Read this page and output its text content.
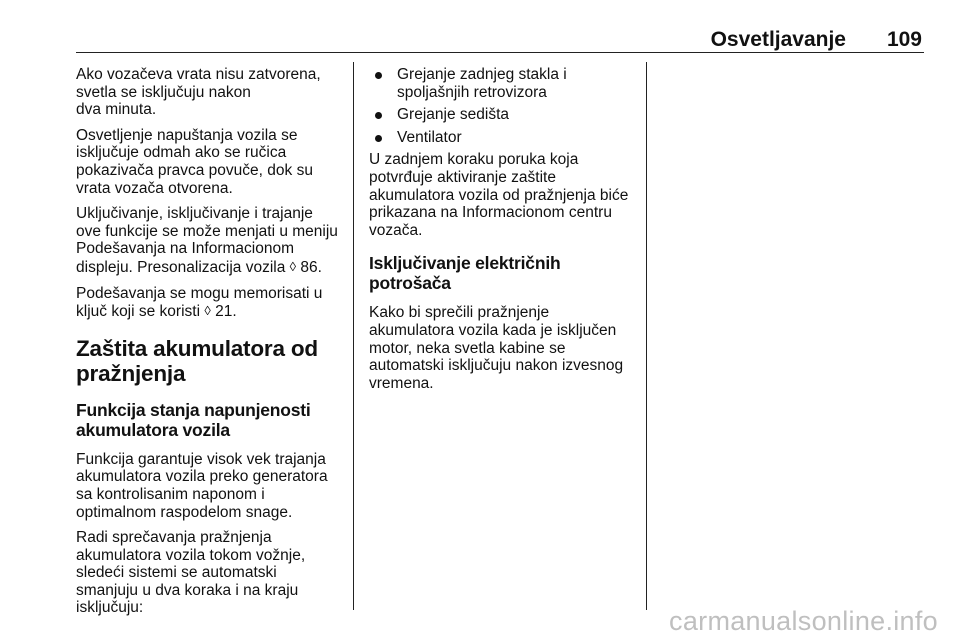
Osvetljavanje 109

Ako vozačeva vrata nisu zatvorena,
svetla se isključuju nakon
dva minuta.

Osvetljenje napuštanja vozila se
isključuje odmah ako se ručica
pokazivača pravca povuče, dok su
vrata vozača otvorena.

Uključivanje, isključivanje i trajanje
ove funkcije se može menjati u meniju
Podešavanja na Informacionom
displeju. Presonalizacija vozila ◊ 86.

Podešavanja se mogu memorisati u
ključ koji se koristi ◊ 21.

Zaštita akumulatora od
pražnjenja
Funkcija stanja napunjenosti
akumulatora vozila

Funkcija garantuje visok vek trajanja
akumulatora vozila preko generatora
sa kontrolisanim naponom i
optimalnom raspodelom snage.

Radi sprečavanja pražnjenja
akumulatora vozila tokom vožnje,
sledeći sistemi se automatski
smanjuju u dva koraka i na kraju
isključuju:

Grejanje zadnjeg stakla i
spoljašnjih retrovizora
Grejanje sedišta
Ventilator

U zadnjem koraku poruka koja
potvrđuje aktiviranje zaštite
akumulatora vozila od pražnjenja biće
prikazana na Informacionom centru
vozača.

Isključivanje električnih potrošača

Kako bi sprečili pražnjenje
akumulatora vozila kada je isključen
motor, neka svetla kabine se
automatski isključuju nakon izvesnog
vremena.

carmanualsonline.info
